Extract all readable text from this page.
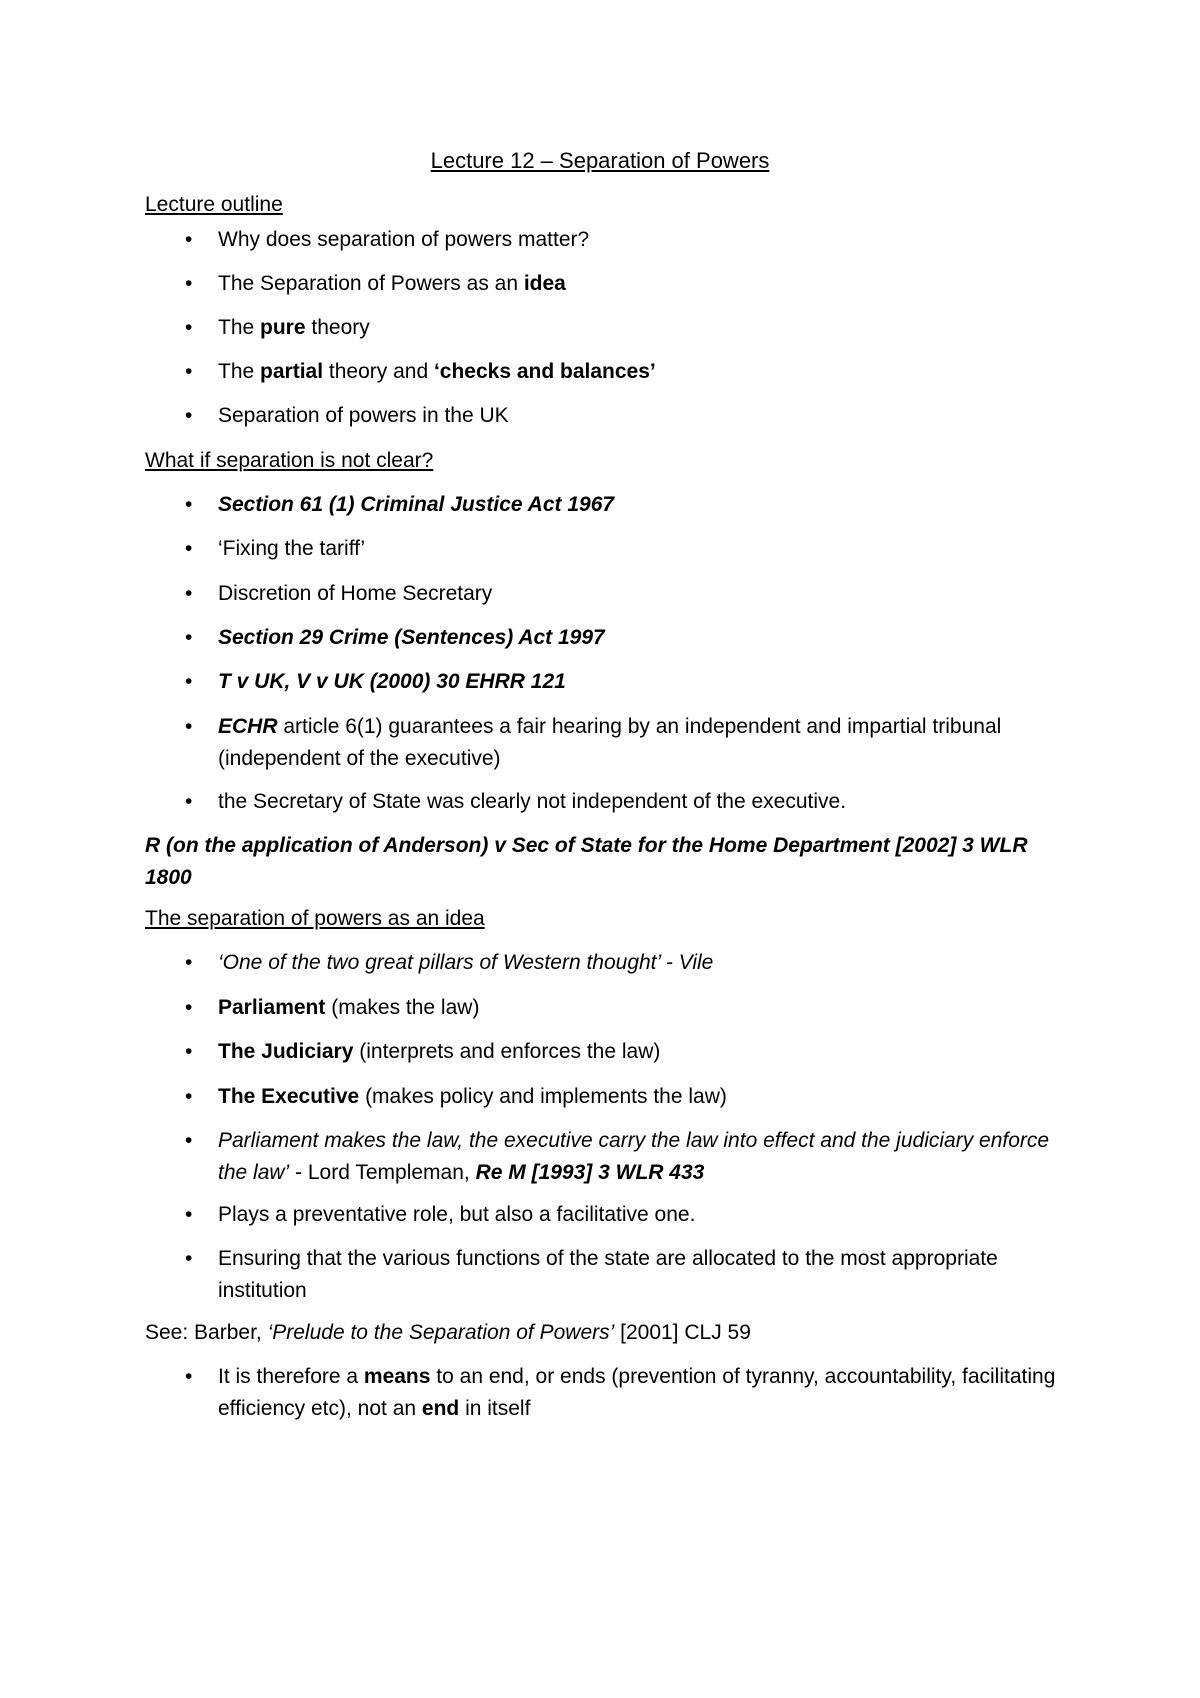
Lecture 12 – Separation of Powers
Lecture outline
•	Why does separation of powers matter?
•	The Separation of Powers as an idea
•	The pure theory
•	The partial theory and ‘checks and balances’
•	Separation of powers in the UK
What if separation is not clear?
•	Section 61 (1) Criminal Justice Act 1967
•	‘Fixing the tariff’
•	Discretion of Home Secretary
•	Section 29 Crime (Sentences) Act 1997
•	T v UK, V v UK (2000) 30 EHRR 121
•	ECHR article 6(1) guarantees a fair hearing by an independent and impartial tribunal (independent of the executive)
•	the Secretary of State was clearly not independent of the executive.
R (on the application of Anderson) v Sec of State for the Home Department [2002] 3 WLR 1800
The separation of powers as an idea
•	‘One of the two great pillars of Western thought’ - Vile
•	Parliament (makes the law)
•	The Judiciary (interprets and enforces the law)
•	The Executive (makes policy and implements the law)
•	Parliament makes the law, the executive carry the law into effect and the judiciary enforce the law’ - Lord Templeman, Re M [1993] 3 WLR 433
•	Plays a preventative role, but also a facilitative one.
•	Ensuring that the various functions of the state are allocated to the most appropriate institution
See: Barber, ‘Prelude to the Separation of Powers’ [2001] CLJ 59
•	It is therefore a means to an end, or ends (prevention of tyranny, accountability, facilitating efficiency etc), not an end in itself
